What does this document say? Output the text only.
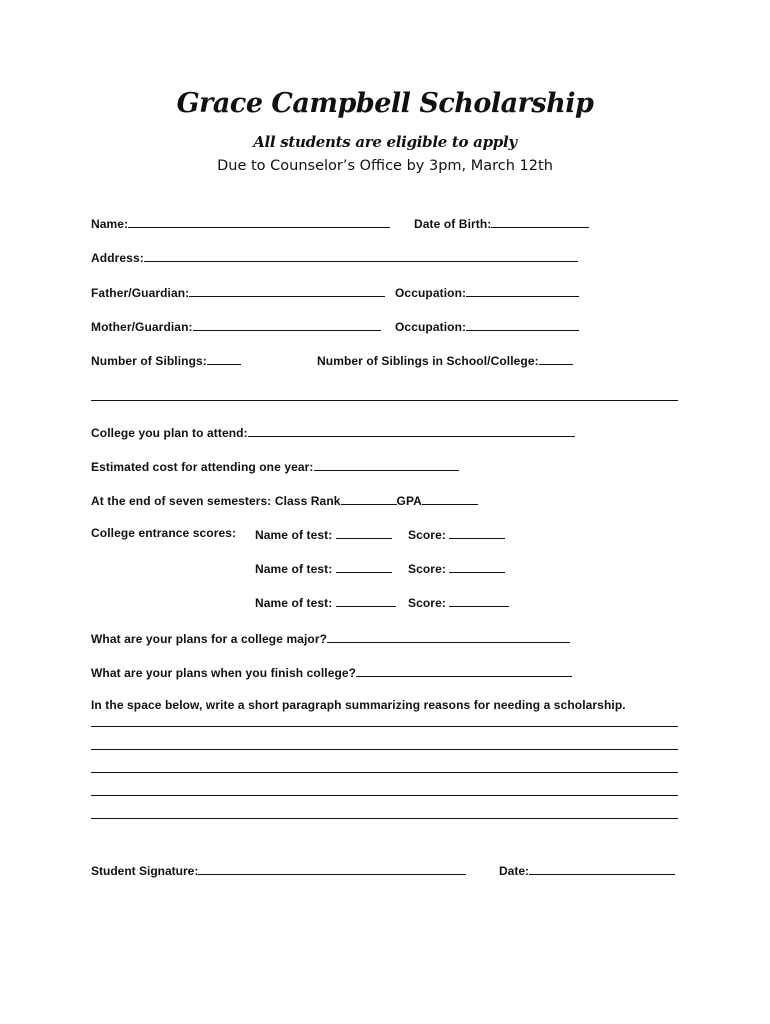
Grace Campbell Scholarship
All students are eligible to apply
Due to Counselor’s Office by 3pm, March 12th
Name:	Date of Birth:
Address:
Father/Guardian:	Occupation:
Mother/Guardian:	Occupation:
Number of Siblings:	Number of Siblings in School/College:
College you plan to attend:
Estimated cost for attending one year:
At the end of seven semesters: Class Rank	GPA
College entrance scores: Name of test:	Score:
Name of test:	Score:
Name of test:	Score:
What are your plans for a college major?
What are your plans when you finish college?
In the space below, write a short paragraph summarizing reasons for needing a scholarship.
Student Signature:	Date:
